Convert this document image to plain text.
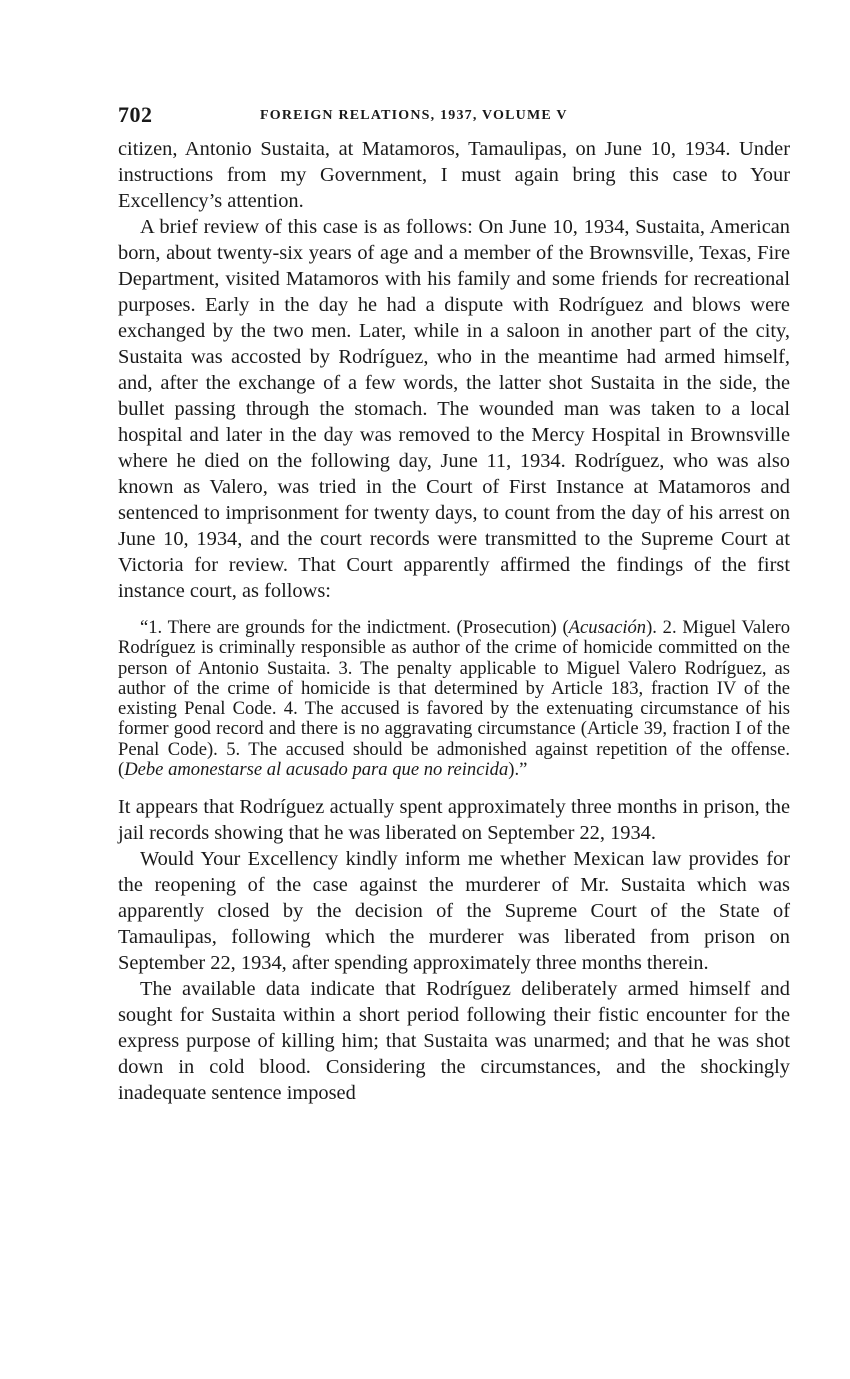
702	FOREIGN RELATIONS, 1937, VOLUME V

citizen, Antonio Sustaita, at Matamoros, Tamaulipas, on June 10, 1934. Under instructions from my Government, I must again bring this case to Your Excellency’s attention.

A brief review of this case is as follows: On June 10, 1934, Sustaita, American born, about twenty-six years of age and a member of the Brownsville, Texas, Fire Department, visited Matamoros with his family and some friends for recreational purposes. Early in the day he had a dispute with Rodríguez and blows were exchanged by the two men. Later, while in a saloon in another part of the city, Sustaita was accosted by Rodríguez, who in the meantime had armed himself, and, after the exchange of a few words, the latter shot Sustaita in the side, the bullet passing through the stomach. The wounded man was taken to a local hospital and later in the day was removed to the Mercy Hospital in Brownsville where he died on the following day, June 11, 1934. Rodríguez, who was also known as Valero, was tried in the Court of First Instance at Matamoros and sentenced to imprisonment for twenty days, to count from the day of his arrest on June 10, 1934, and the court records were transmitted to the Supreme Court at Victoria for review. That Court apparently affirmed the findings of the first instance court, as follows:

“1. There are grounds for the indictment. (Prosecution) (Acusación). 2. Miguel Valero Rodríguez is criminally responsible as author of the crime of homicide committed on the person of Antonio Sustaita. 3. The penalty applicable to Miguel Valero Rodríguez, as author of the crime of homicide is that determined by Article 183, fraction IV of the existing Penal Code. 4. The accused is favored by the extenuating circumstance of his former good record and there is no aggravating circumstance (Article 39, fraction I of the Penal Code). 5. The accused should be admonished against repetition of the offense. (Debe amonestarse al acusado para que no reincida).”

It appears that Rodríguez actually spent approximately three months in prison, the jail records showing that he was liberated on September 22, 1934.

Would Your Excellency kindly inform me whether Mexican law provides for the reopening of the case against the murderer of Mr. Sustaita which was apparently closed by the decision of the Supreme Court of the State of Tamaulipas, following which the murderer was liberated from prison on September 22, 1934, after spending approximately three months therein.

The available data indicate that Rodríguez deliberately armed himself and sought for Sustaita within a short period following their fistic encounter for the express purpose of killing him; that Sustaita was unarmed; and that he was shot down in cold blood. Considering the circumstances, and the shockingly inadequate sentence imposed
